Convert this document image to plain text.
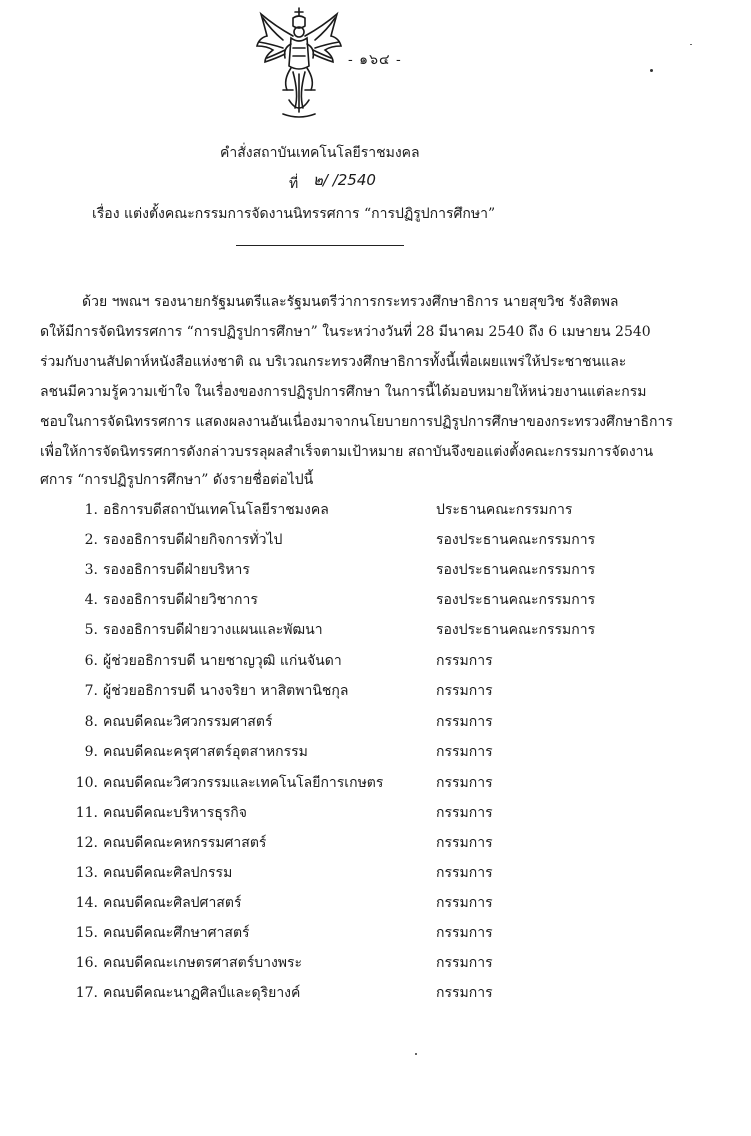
- ๑๖๔ -
คำสั่งสถาบันเทคโนโลยีราชมงคล
ที่ ๒/ /2540
เรื่อง แต่งตั้งคณะกรรมการจัดงานนิทรรศการ “การปฏิรูปการศึกษา”
ด้วย ฯพณฯ รองนายกรัฐมนตรีและรัฐมนตรีว่าการกระทรวงศึกษาธิการ นายสุขวิช รังสิตพล
ดให้มีการจัดนิทรรศการ “การปฏิรูปการศึกษา” ในระหว่างวันที่ 28 มีนาคม 2540 ถึง 6 เมษายน 2540
ร่วมกับงานสัปดาห์หนังสือแห่งชาติ ณ บริเวณกระทรวงศึกษาธิการทั้งนี้เพื่อเผยแพร่ให้ประชาชนและ
ลชนมีความรู้ความเข้าใจ ในเรื่องของการปฏิรูปการศึกษา ในการนี้ได้มอบหมายให้หน่วยงานแต่ละกรม
ชอบในการจัดนิทรรศการ แสดงผลงานอันเนื่องมาจากนโยบายการปฏิรูปการศึกษาของกระทรวงศึกษาธิการ
เพื่อให้การจัดนิทรรศการดังกล่าวบรรลุผลสำเร็จตามเป้าหมาย สถาบันจึงขอแต่งตั้งคณะกรรมการจัดงาน
ศการ “การปฏิรูปการศึกษา” ดังรายชื่อต่อไปนี้
1. อธิการบดีสถาบันเทคโนโลยีราชมงคล	ประธานคณะกรรมการ
2. รองอธิการบดีฝ่ายกิจการทั่วไป	รองประธานคณะกรรมการ
3. รองอธิการบดีฝ่ายบริหาร	รองประธานคณะกรรมการ
4. รองอธิการบดีฝ่ายวิชาการ	รองประธานคณะกรรมการ
5. รองอธิการบดีฝ่ายวางแผนและพัฒนา	รองประธานคณะกรรมการ
6. ผู้ช่วยอธิการบดี นายชาญวุฒิ แก่นจันดา	กรรมการ
7. ผู้ช่วยอธิการบดี นางจริยา หาสิตพานิชกุล	กรรมการ
8. คณบดีคณะวิศวกรรมศาสตร์	กรรมการ
9. คณบดีคณะครุศาสตร์อุตสาหกรรม	กรรมการ
10. คณบดีคณะวิศวกรรมและเทคโนโลยีการเกษตร	กรรมการ
11. คณบดีคณะบริหารธุรกิจ	กรรมการ
12. คณบดีคณะคหกรรมศาสตร์	กรรมการ
13. คณบดีคณะศิลปกรรม	กรรมการ
14. คณบดีคณะศิลปศาสตร์	กรรมการ
15. คณบดีคณะศึกษาศาสตร์	กรรมการ
16. คณบดีคณะเกษตรศาสตร์บางพระ	กรรมการ
17. คณบดีคณะนาฏศิลป์และดุริยางค์	กรรมการ
